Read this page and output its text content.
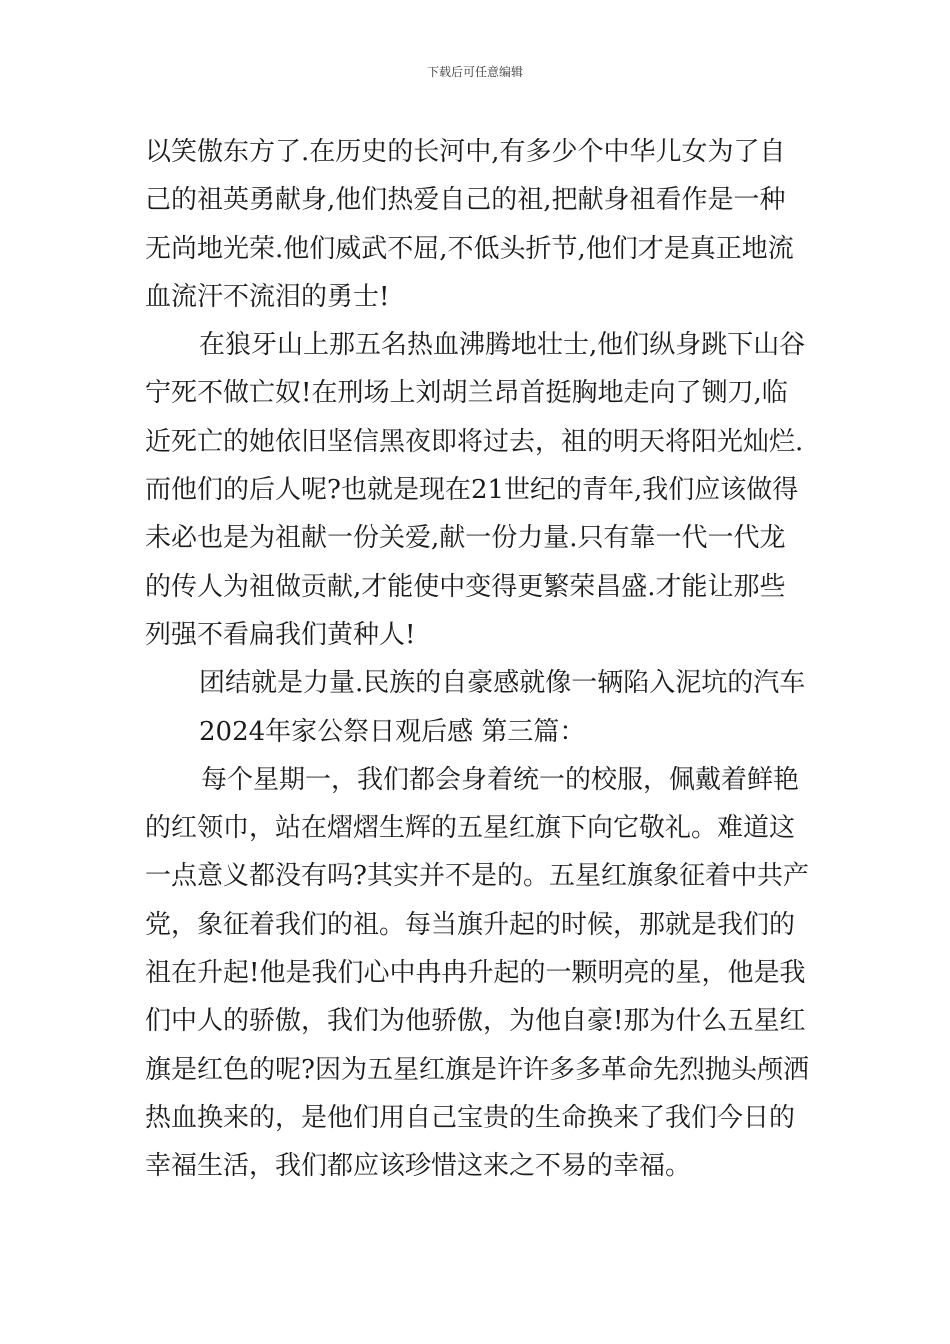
下载后可任意编辑
以笑傲东方了.在历史的长河中,有多少个中华儿女为了自
己的祖英勇献身,他们热爱自己的祖,把献身祖看作是一种
无尚地光荣.他们威武不屈,不低头折节,他们才是真正地流
血流汗不流泪的勇士!
在狼牙山上那五名热血沸腾地壮士,他们纵身跳下山谷
宁死不做亡奴!在刑场上刘胡兰昂首挺胸地走向了铡刀,临
近死亡的她依旧坚信黑夜即将过去，祖的明天将阳光灿烂.
而他们的后人呢?也就是现在21世纪的青年,我们应该做得
未必也是为祖献一份关爱,献一份力量.只有靠一代一代龙
的传人为祖做贡献,才能使中变得更繁荣昌盛.才能让那些
列强不看扁我们黄种人!
团结就是力量.民族的自豪感就像一辆陷入泥坑的汽车
2024年家公祭日观后感 第三篇：
每个星期一，我们都会身着统一的校服，佩戴着鲜艳
的红领巾，站在熠熠生辉的五星红旗下向它敬礼。难道这
一点意义都没有吗?其实并不是的。五星红旗象征着中共产
党，象征着我们的祖。每当旗升起的时候，那就是我们的
祖在升起!他是我们心中冉冉升起的一颗明亮的星，他是我
们中人的骄傲，我们为他骄傲，为他自豪!那为什么五星红
旗是红色的呢?因为五星红旗是许许多多革命先烈抛头颅洒
热血换来的，是他们用自己宝贵的生命换来了我们今日的
幸福生活，我们都应该珍惜这来之不易的幸福。
